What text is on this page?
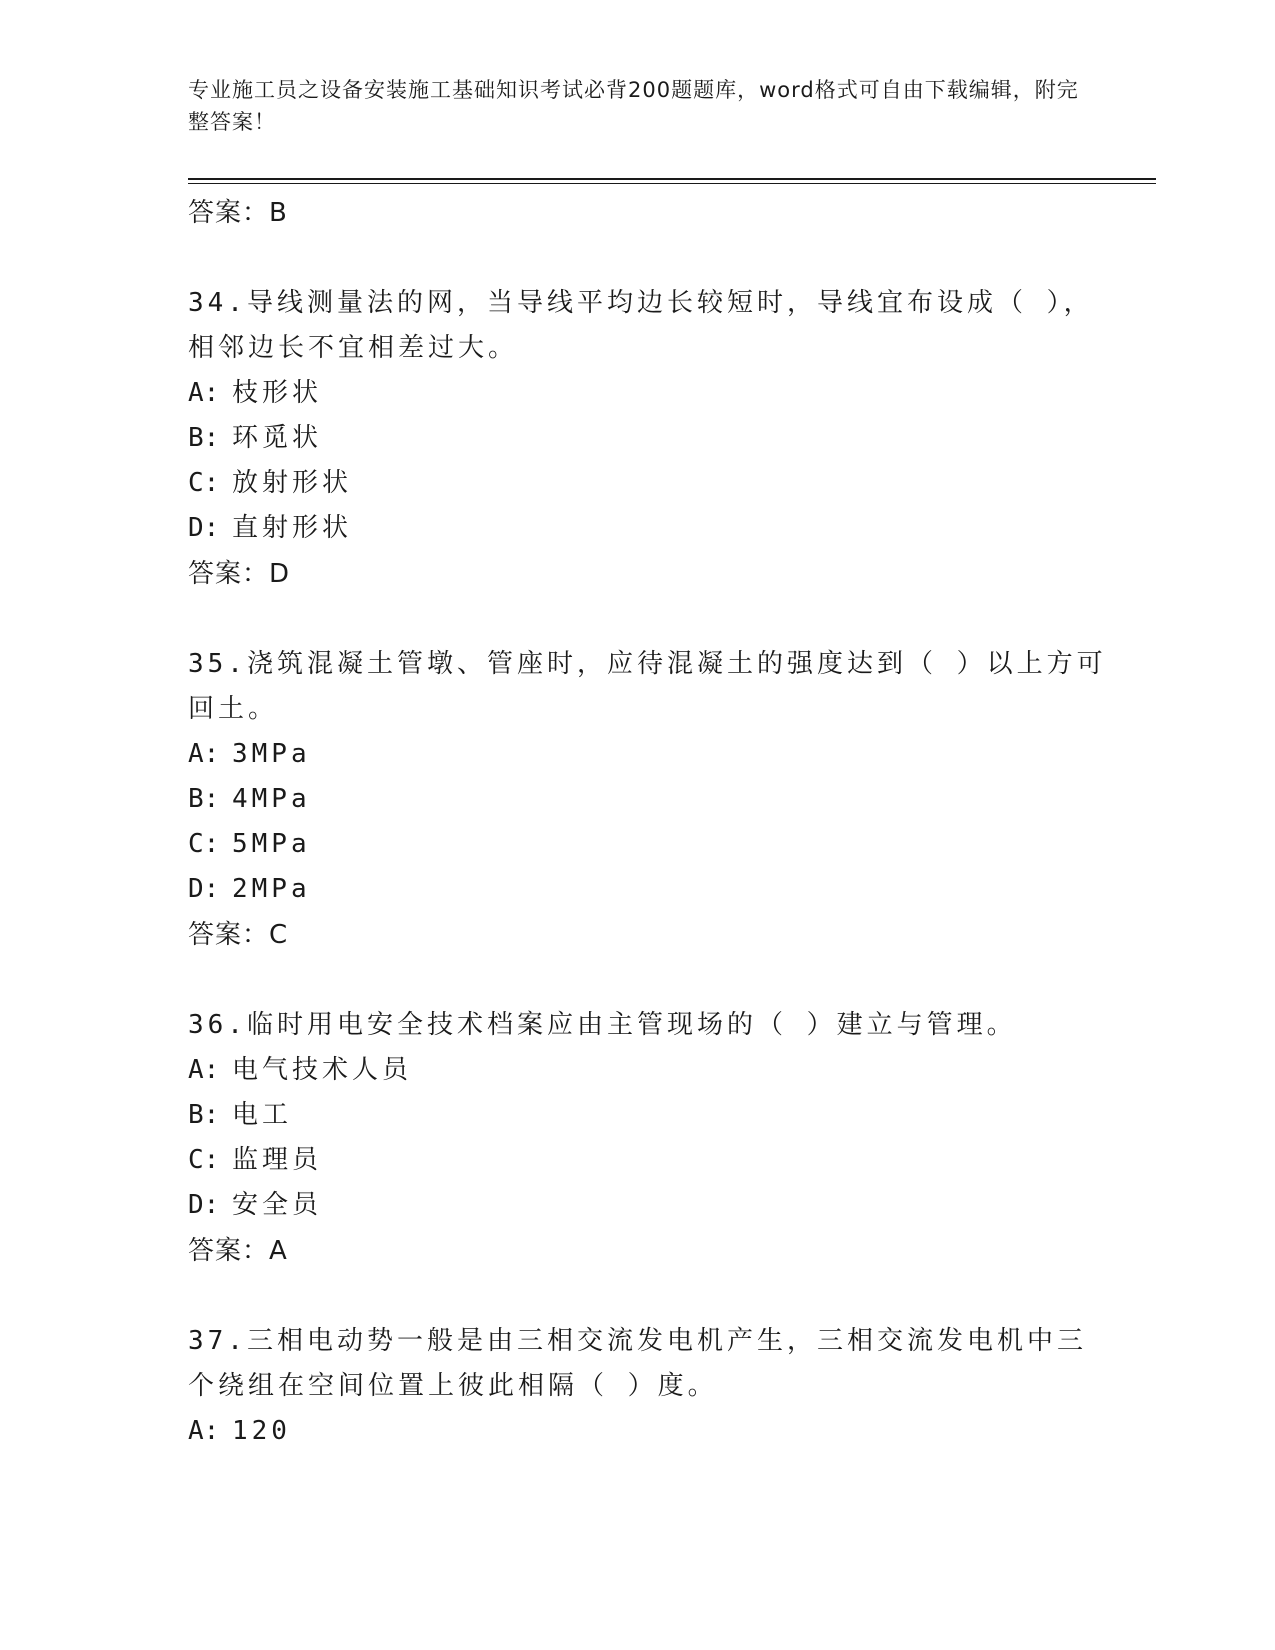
专业施工员之设备安装施工基础知识考试必背200题题库，word格式可自由下载编辑，附完整答案！
答案：B
34.导线测量法的网，当导线平均边长较短时，导线宜布设成（ ），相邻边长不宜相差过大。
A: 枝形状
B: 环觅状
C: 放射形状
D: 直射形状
答案：D
35.浇筑混凝土管墩、管座时，应待混凝土的强度达到（ ）以上方可回土。
A: 3MPa
B: 4MPa
C: 5MPa
D: 2MPa
答案：C
36.临时用电安全技术档案应由主管现场的（ ）建立与管理。
A: 电气技术人员
B: 电工
C: 监理员
D: 安全员
答案：A
37.三相电动势一般是由三相交流发电机产生，三相交流发电机中三个绕组在空间位置上彼此相隔（ ）度。
A: 120
